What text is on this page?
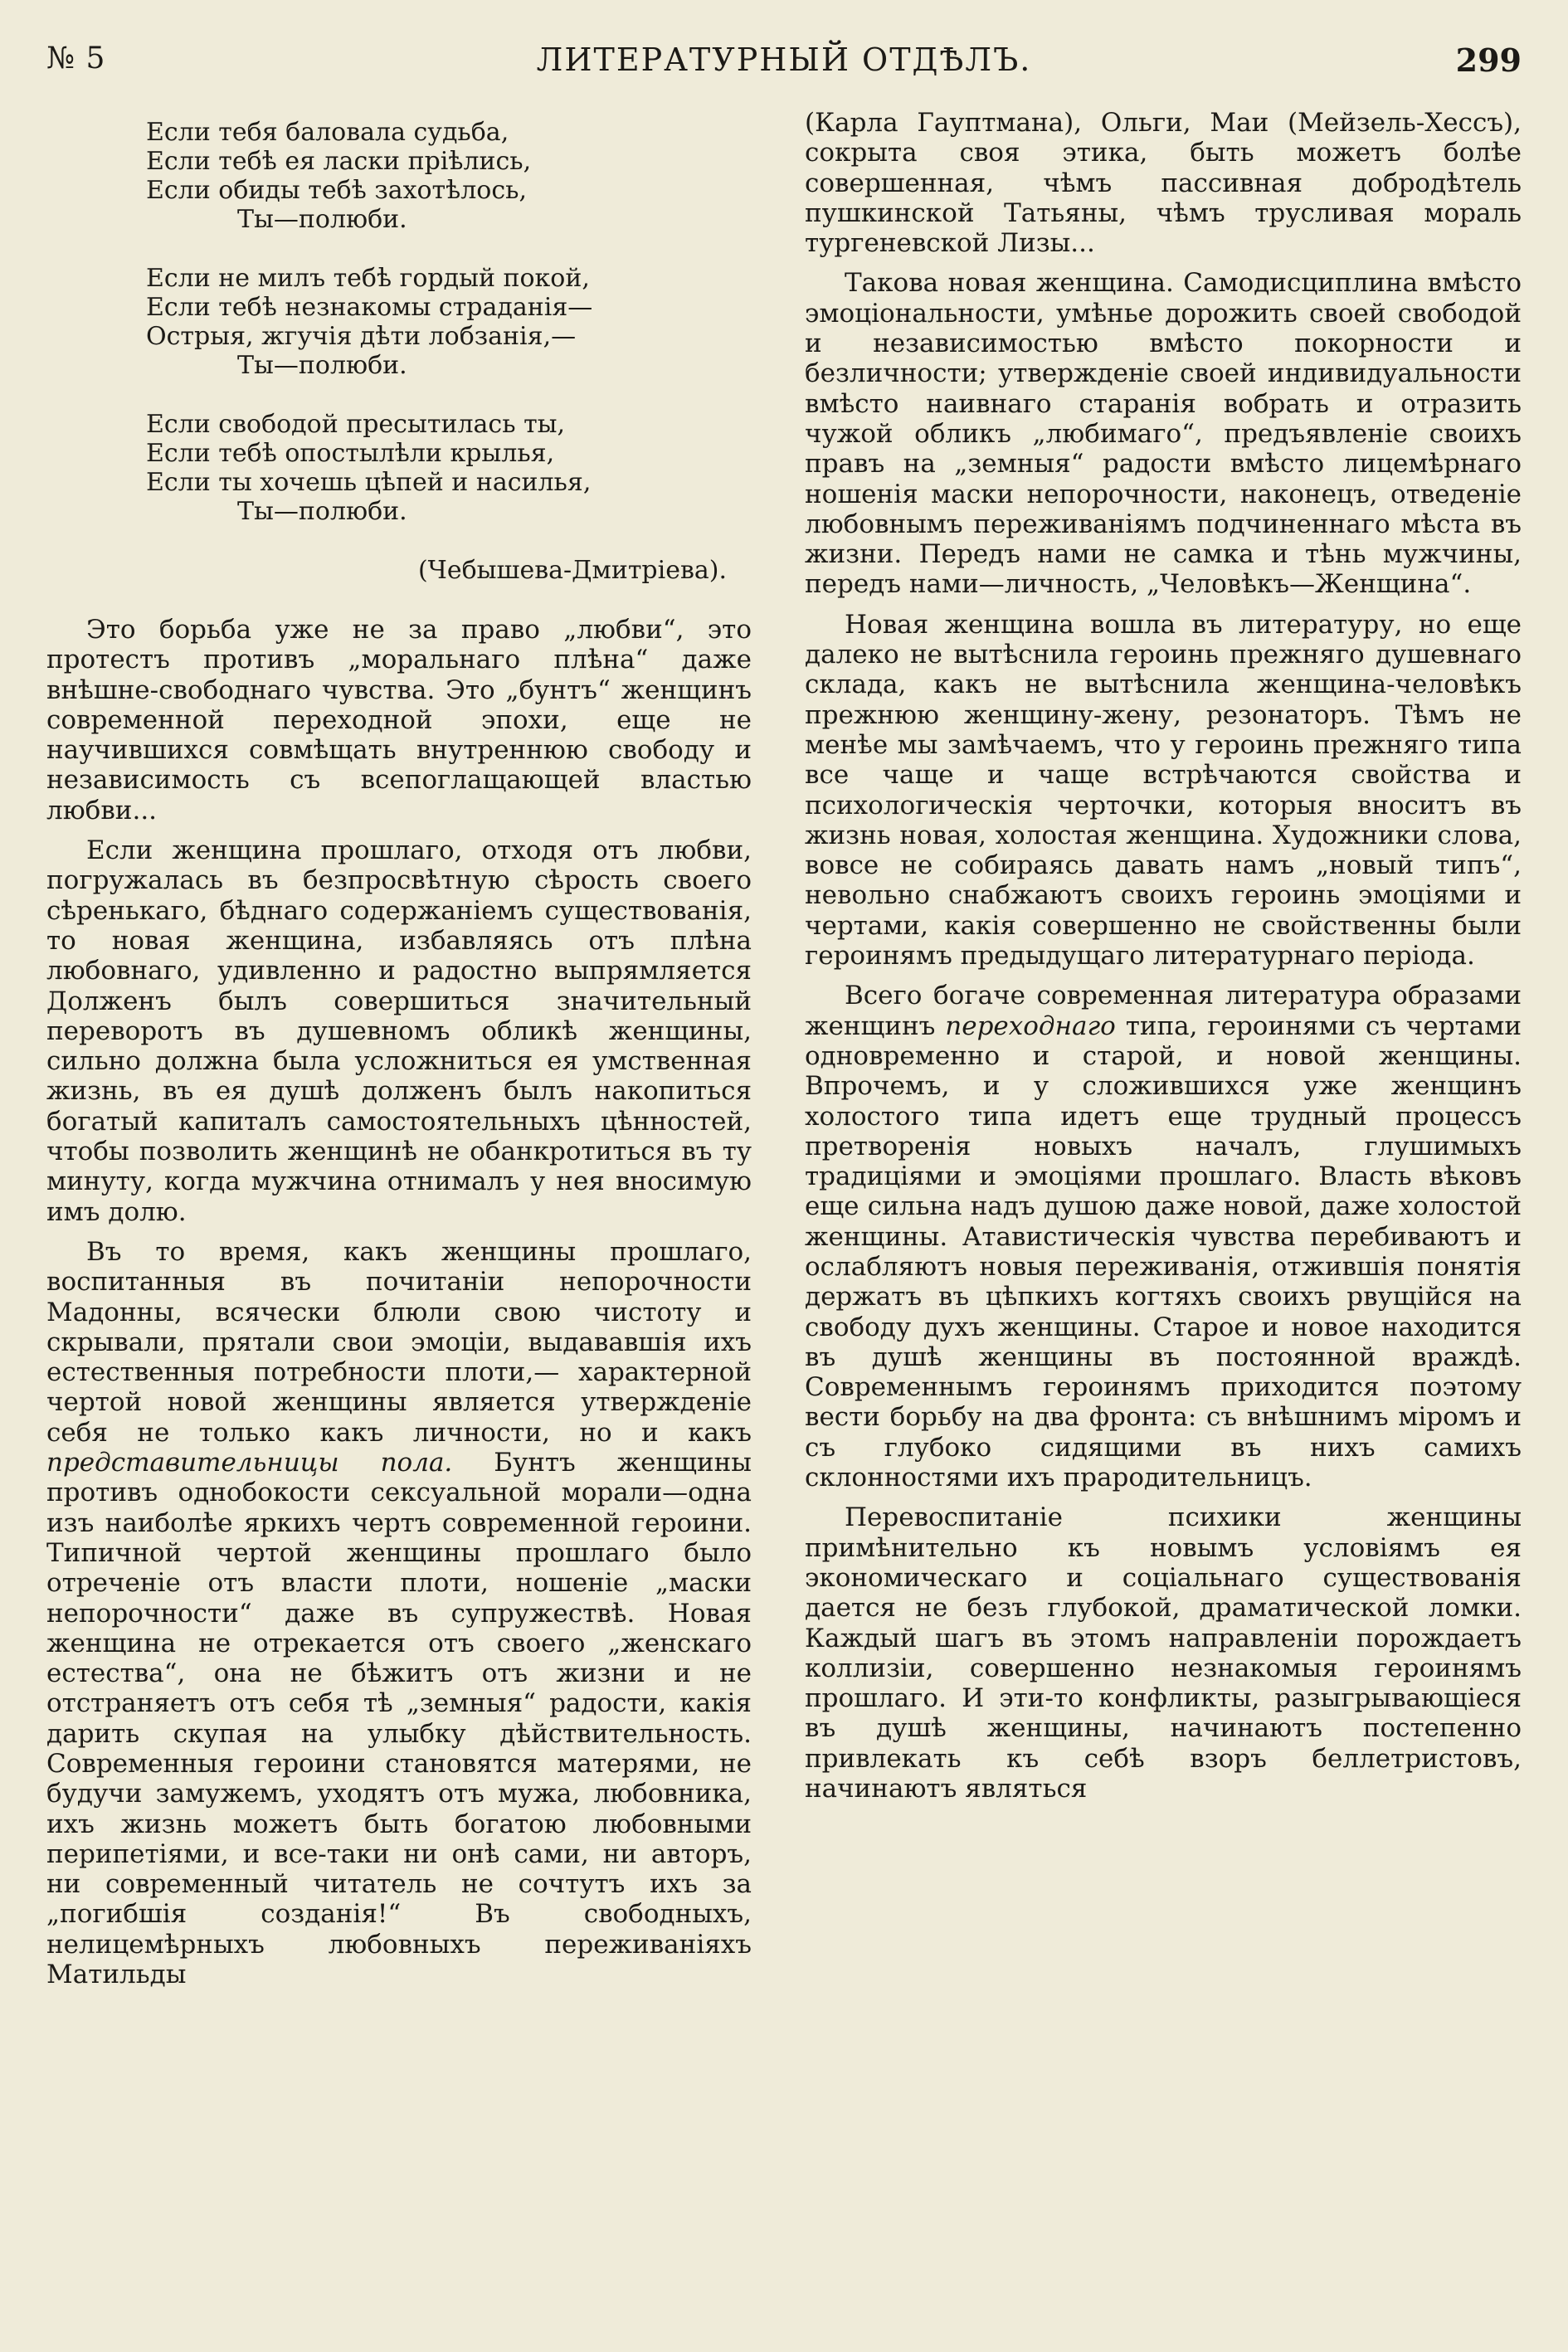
№ 5	ЛИТЕРАТУРНЫЙ ОТДѢЛЪ.	299
Если тебя баловала судьба,
Если тебѣ ея ласки прiѣлись,
Если обиды тебѣ захотѣлось,
Ты—полюби.
Если не милъ тебѣ гордый покой,
Если тебѣ незнакомы страданiя—
Острыя, жгучiя дѣти лобзанiя,—
Ты—полюби.
Если свободой пресытилась ты,
Если тебѣ опостылѣли крылья,
Если ты хочешь цѣпей и насилья,
Ты—полюби.
(Чебышева-Дмитрiева).

Это борьба уже не за право „любви“, это протестъ противъ „моральнаго плѣна“ даже внѣшне-свободнаго чувства. Это „бунтъ“ женщинъ современной переходной эпохи, еще не научившихся совмѣщать внутреннюю свободу и независимость съ всепоглащающей властью любви...

Если женщина прошлаго, отходя отъ любви, погружалась въ безпросвѣтную сѣрость своего сѣренькаго, бѣднаго содержанiемъ существованiя, то новая женщина, избавляясь отъ плѣна любовнаго, удивленно и радостно выпрямляется Долженъ былъ совершиться значительный переворотъ въ душевномъ обликѣ женщины, сильно должна была усложниться ея умственная жизнь, въ ея душѣ долженъ былъ накопиться богатый капиталъ самостоятельныхъ цѣнностей, чтобы позволить женщинѣ не обанкротиться въ ту минуту, когда мужчина отнималъ у нея вносимую имъ долю.

Въ то время, какъ женщины прошлаго, воспитанныя въ почитанiи непорочности Мадонны, всячески блюли свою чистоту и скрывали, прятали свои эмоцiи, выдававшiя ихъ естественныя потребности плоти,— характерной чертой новой женщины является утвержденiе себя не только какъ личности, но и какъ представительницы пола. Бунтъ женщины противъ однобокости сексуальной морали—одна изъ наиболѣе яркихъ чертъ современной героини. Типичной чертой женщины прошлаго было отреченiе отъ власти плоти, ношенiе „маски непорочности“ даже въ супружествѣ. Новая женщина не отрекается отъ своего „женскаго естества“, она не бѣжитъ отъ жизни и не отстраняетъ отъ себя тѣ „земныя“ радости, какiя дарить скупая на улыбку дѣйствительность. Современныя героини становятся матерями, не будучи замужемъ, уходятъ отъ мужа, любовника, ихъ жизнь можетъ быть богатою любовными перипетiями, и все-таки ни онѣ сами, ни авторъ, ни современный читатель не сочтутъ ихъ за „погибшiя созданiя!“ Въ свободныхъ, нелицемѣрныхъ любовныхъ переживанiяхъ Матильды

(Карла Гауптмана), Ольги, Маи (Мейзель-Хессъ), сокрыта своя этика, быть можетъ болѣе совершенная, чѣмъ пассивная добродѣтель пушкинской Татьяны, чѣмъ трусливая мораль тургеневской Лизы...

Такова новая женщина. Самодисциплина вмѣсто эмоцiональности, умѣнье дорожить своей свободой и независимостью вмѣсто покорности и безличности; утвержденiе своей индивидуальности вмѣсто наивнаго старанiя вобрать и отразить чужой обликъ „любимаго“, предъявленiе своихъ правъ на „земныя“ радости вмѣсто лицемѣрнаго ношенiя маски непорочности, наконецъ, отведенiе любовнымъ переживанiямъ подчиненнаго мѣста въ жизни. Передъ нами не самка и тѣнь мужчины, передъ нами—личность, „Человѣкъ—Женщина“.

Новая женщина вошла въ литературу, но еще далеко не вытѣснила героинь прежняго душевнаго склада, какъ не вытѣснила женщина-человѣкъ прежнюю женщину-жену, резонаторъ. Тѣмъ не менѣе мы замѣчаемъ, что у героинь прежняго типа все чаще и чаще встрѣчаются свойства и психологическiя черточки, которыя вноситъ въ жизнь новая, холостая женщина. Художники слова, вовсе не собираясь давать намъ „новый типъ“, невольно снабжаютъ своихъ героинь эмоцiями и чертами, какiя совершенно не свойственны были героинямъ предыдущаго литературнаго перiода.

Всего богаче современная литература образами женщинъ переходнаго типа, героинями съ чертами одновременно и старой, и новой женщины. Впрочемъ, и у сложившихся уже женщинъ холостого типа идетъ еще трудный процессъ претворенiя новыхъ началъ, глушимыхъ традицiями и эмоцiями прошлаго. Власть вѣковъ еще сильна надъ душою даже новой, даже холостой женщины. Атавистическiя чувства перебиваютъ и ослабляютъ новыя переживанiя, отжившiя понятiя держатъ въ цѣпкихъ когтяхъ своихъ рвущiйся на свободу духъ женщины. Старое и новое находится въ душѣ женщины въ постоянной враждѣ. Современнымъ героинямъ приходится поэтому вести борьбу на два фронта: съ внѣшнимъ мiромъ и съ глубоко сидящими въ нихъ самихъ склонностями ихъ прародительницъ.

Перевоспитанiе психики женщины примѣнительно къ новымъ условiямъ ея экономическаго и соцiальнаго существованiя дается не безъ глубокой, драматической ломки. Каждый шагъ въ этомъ направленiи порождаетъ коллизiи, совершенно незнакомыя героинямъ прошлаго. И эти-то конфликты, разыгрывающiеся въ душѣ женщины, начинаютъ постепенно привлекать къ себѣ взоръ беллетристовъ, начинаютъ являться
